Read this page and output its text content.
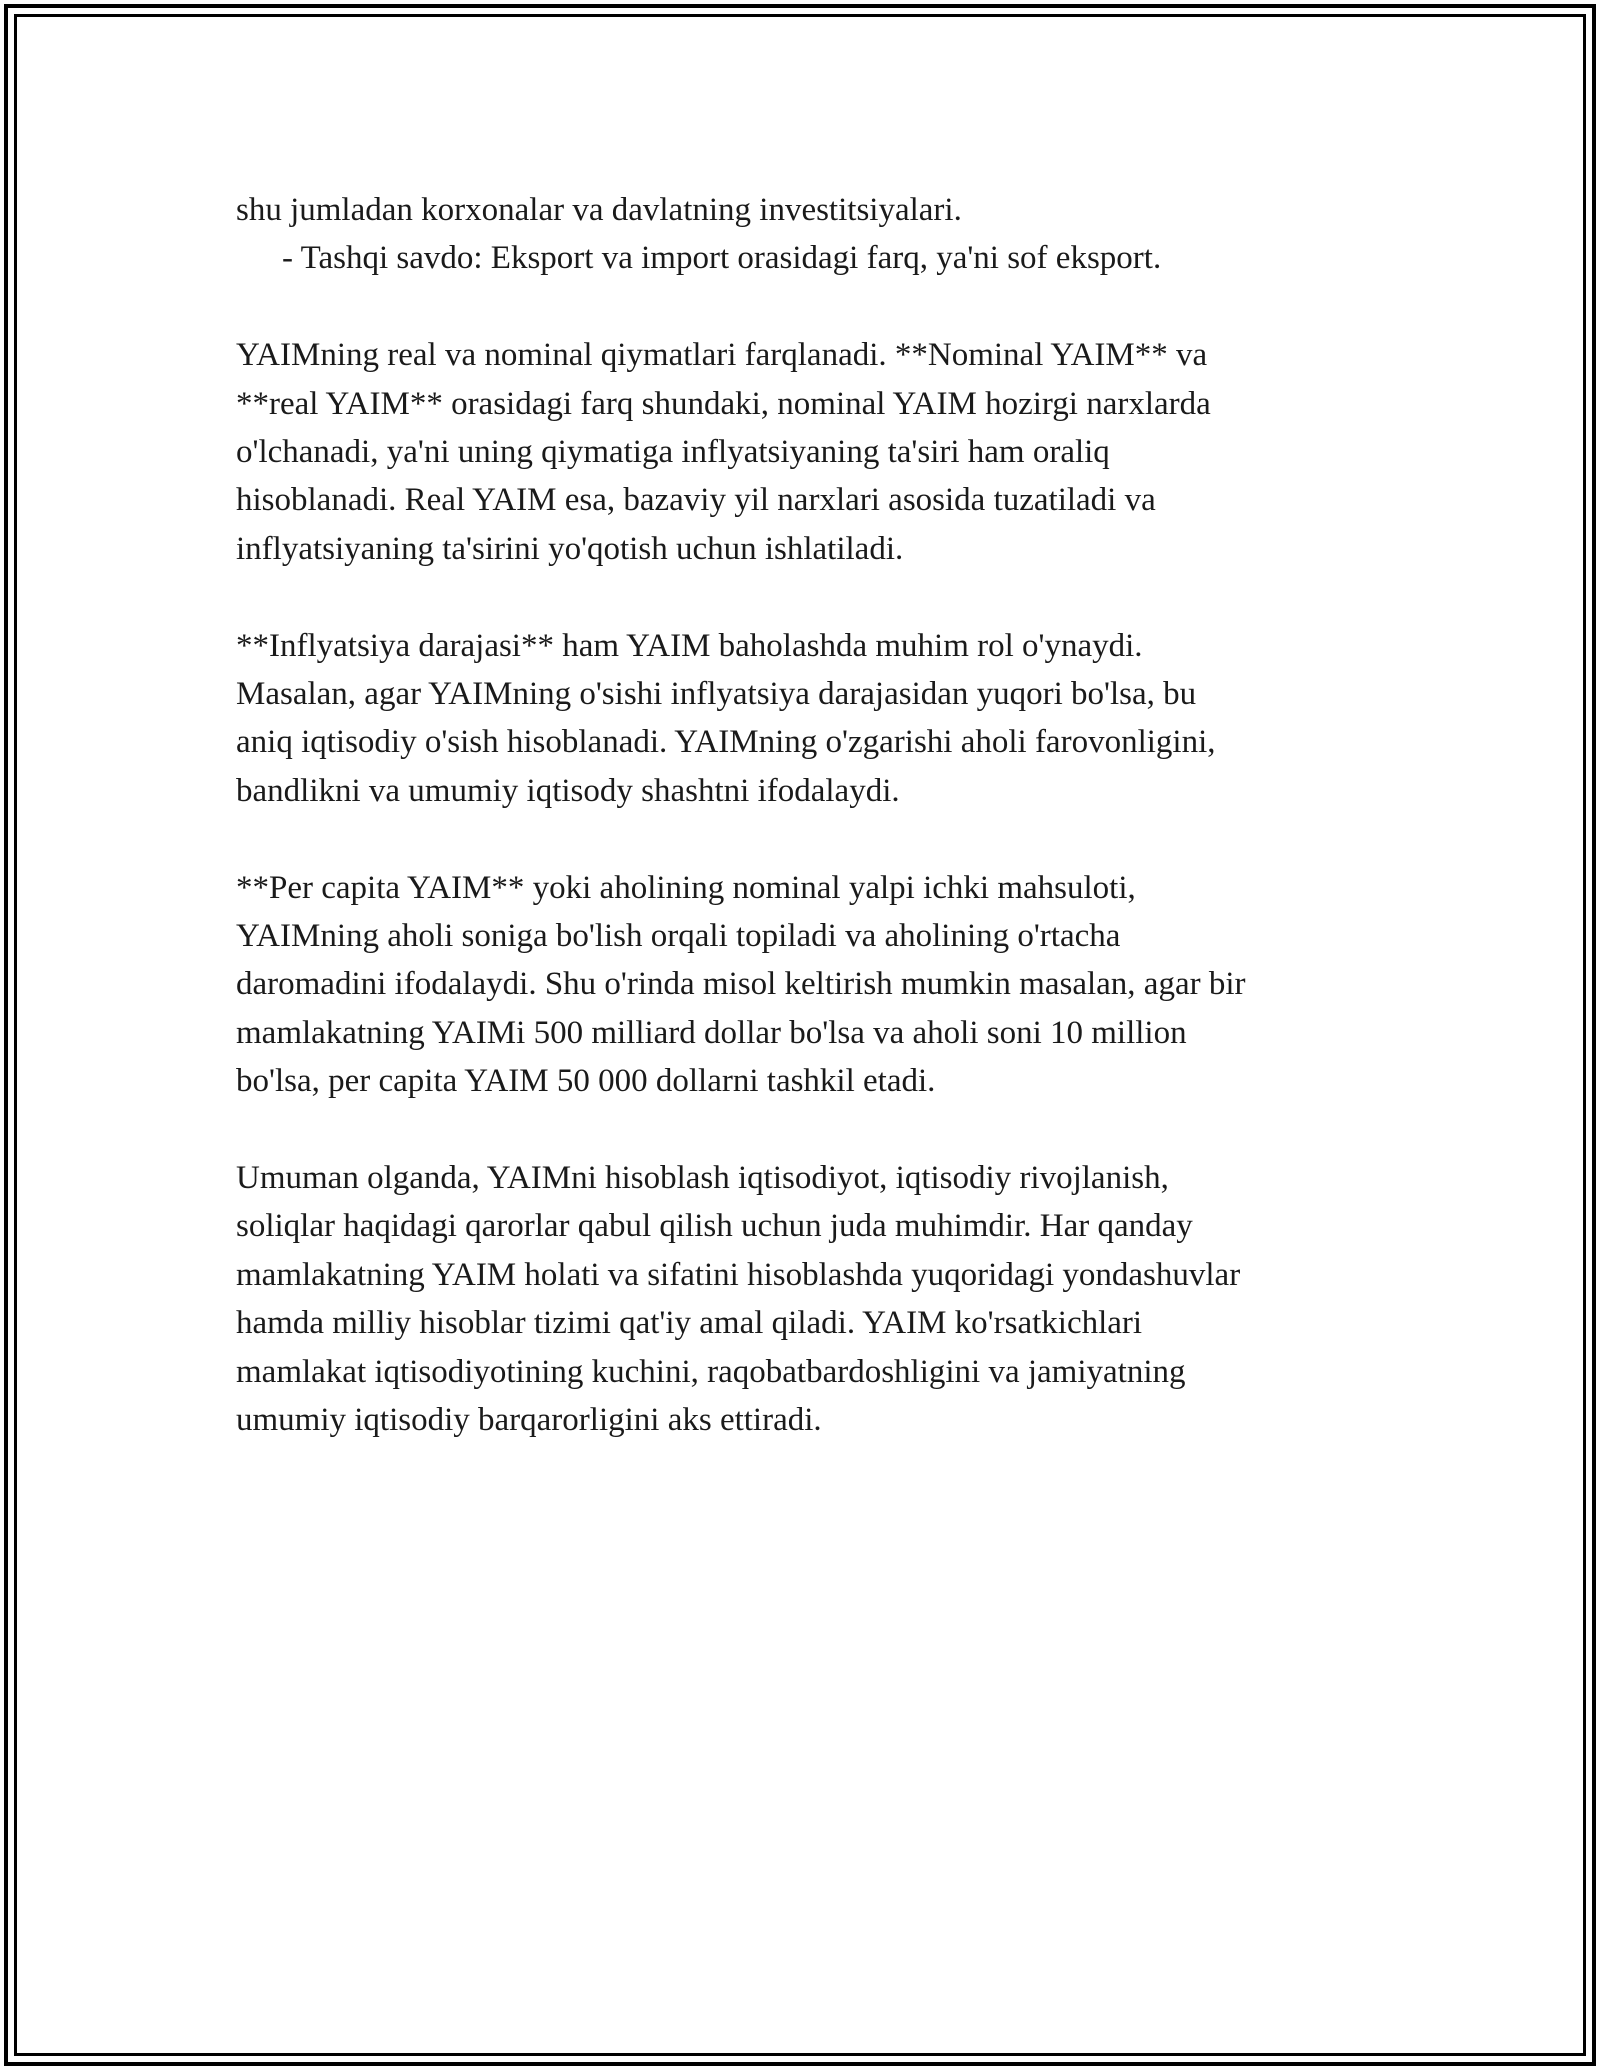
shu jumladan korxonalar va davlatning investitsiyalari.
- Tashqi savdo: Eksport va import orasidagi farq, ya'ni sof eksport.
YAIMning real va nominal qiymatlari farqlanadi. **Nominal YAIM** va
**real YAIM** orasidagi farq shundaki, nominal YAIM hozirgi narxlarda
o'lchanadi, ya'ni uning qiymatiga inflyatsiyaning ta'siri ham oraliq
hisoblanadi. Real YAIM esa, bazaviy yil narxlari asosida tuzatiladi va
inflyatsiyaning ta'sirini yo'qotish uchun ishlatiladi.
**Inflyatsiya darajasi** ham YAIM baholashda muhim rol o'ynaydi.
Masalan, agar YAIMning o'sishi inflyatsiya darajasidan yuqori bo'lsa, bu
aniq iqtisodiy o'sish hisoblanadi. YAIMning o'zgarishi aholi farovonligini,
bandlikni va umumiy iqtisody shashtni ifodalaydi.
**Per capita YAIM** yoki aholining nominal yalpi ichki mahsuloti,
YAIMning aholi soniga bo'lish orqali topiladi va aholining o'rtacha
daromadini ifodalaydi. Shu o'rinda misol keltirish mumkin masalan, agar bir
mamlakatning YAIMi 500 milliard dollar bo'lsa va aholi soni 10 million
bo'lsa, per capita YAIM 50 000 dollarni tashkil etadi.
Umuman olganda, YAIMni hisoblash iqtisodiyot, iqtisodiy rivojlanish,
soliqlar haqidagi qarorlar qabul qilish uchun juda muhimdir. Har qanday
mamlakatning YAIM holati va sifatini hisoblashda yuqoridagi yondashuvlar
hamda milliy hisoblar tizimi qat'iy amal qiladi. YAIM ko'rsatkichlari
mamlakat iqtisodiyotining kuchini, raqobatbardoshligini va jamiyatning
umumiy iqtisodiy barqarorligini aks ettiradi.
